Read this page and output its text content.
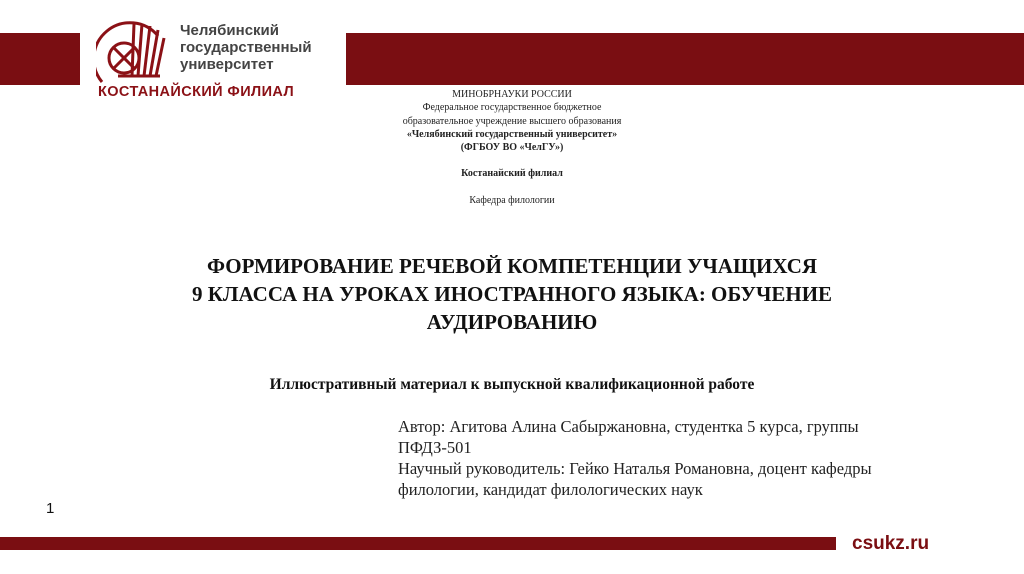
Челябинский
государственный
университет
КОСТАНАЙСКИЙ ФИЛИАЛ	МИНОБРНАУКИ РОССИИ
Федеральное государственное бюджетное
образовательное учреждение высшего образования
«Челябинский государственный университет»
(ФГБОУ ВО «ЧелГУ»)
Костанайский филиал
Кафедра филологии
ФОРМИРОВАНИЕ РЕЧЕВОЙ КОМПЕТЕНЦИИ УЧАЩИХСЯ
9 КЛАССА НА УРОКАХ ИНОСТРАННОГО ЯЗЫКА: ОБУЧЕНИЕ
АУДИРОВАНИЮ
Иллюстративный материал к выпускной квалификационной работе
Автор: Агитова Алина Сабыржановна, студентка 5 курса, группы
ПФДЗ-501
Научный руководитель: Гейко Наталья Романовна, доцент кафедры
филологии, кандидат филологических наук
1
csukz.ru
